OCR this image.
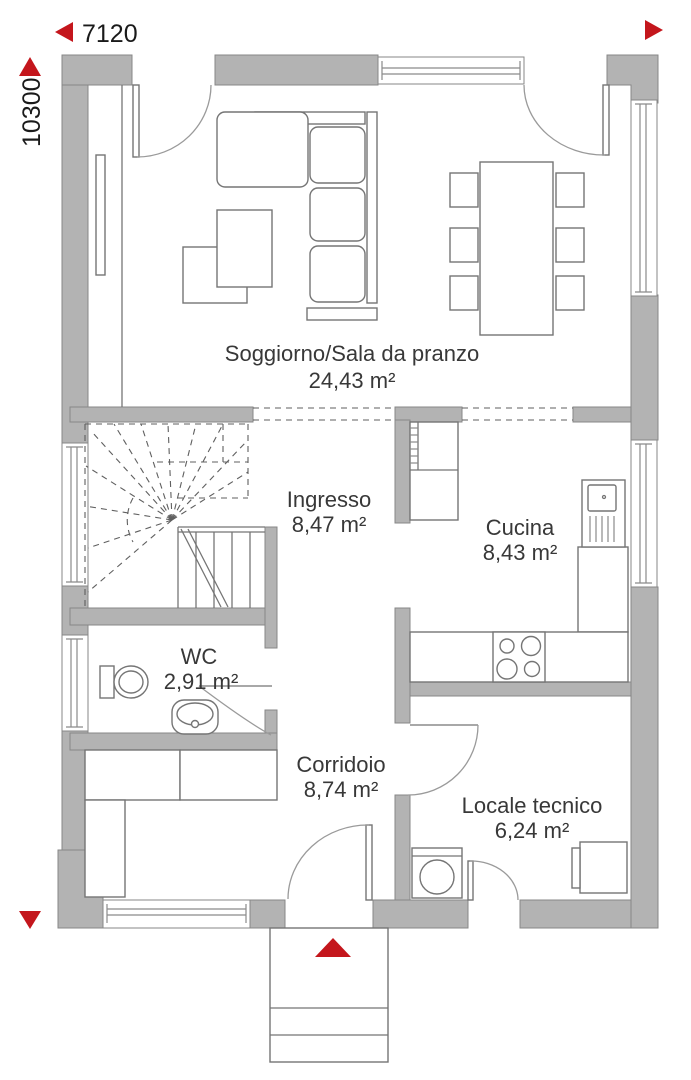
7120
10300
Soggiorno/Sala da pranzo
24,43 m²
Ingresso
8,47 m²	Cucina
8,43 m²
WC
2,91 m²
Corridoio
8,74 m²
Locale tecnico
6,24 m²
